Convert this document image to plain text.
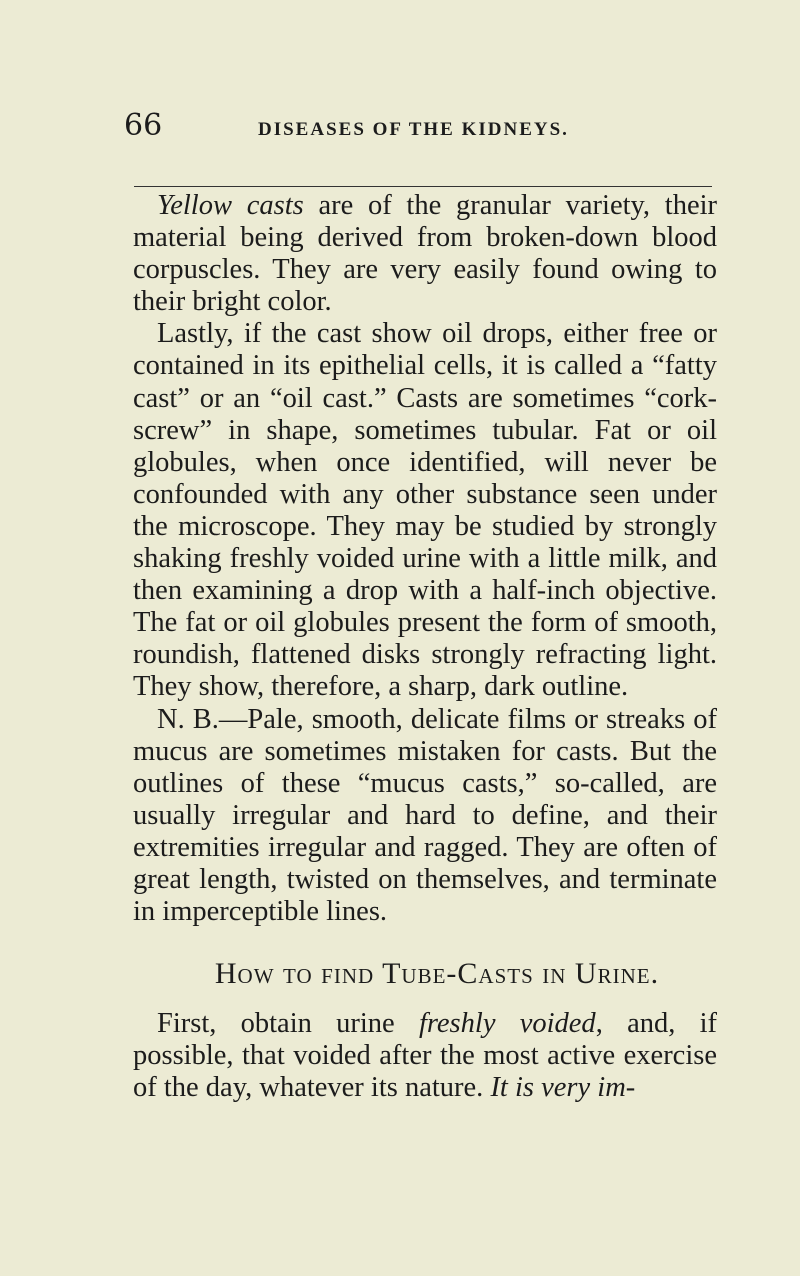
66	DISEASES OF THE KIDNEYS.

Yellow casts are of the granular variety, their material being derived from broken-down blood corpuscles. They are very easily found owing to their bright color.

Lastly, if the cast show oil drops, either free or contained in its epithelial cells, it is called a “fatty cast” or an “oil cast.” Casts are sometimes “cork-screw” in shape, sometimes tubular. Fat or oil globules, when once identified, will never be confounded with any other substance seen under the microscope. They may be studied by strongly shaking freshly voided urine with a little milk, and then examining a drop with a half-inch objective. The fat or oil globules present the form of smooth, roundish, flattened disks strongly refracting light. They show, therefore, a sharp, dark outline.

N. B.—Pale, smooth, delicate films or streaks of mucus are sometimes mistaken for casts. But the outlines of these “mucus casts,” so-called, are usually irregular and hard to define, and their extremities irregular and ragged. They are often of great length, twisted on themselves, and terminate in imperceptible lines.

How to find Tube-Casts in Urine.

First, obtain urine freshly voided, and, if possible, that voided after the most active exercise of the day, whatever its nature. It is very im-
